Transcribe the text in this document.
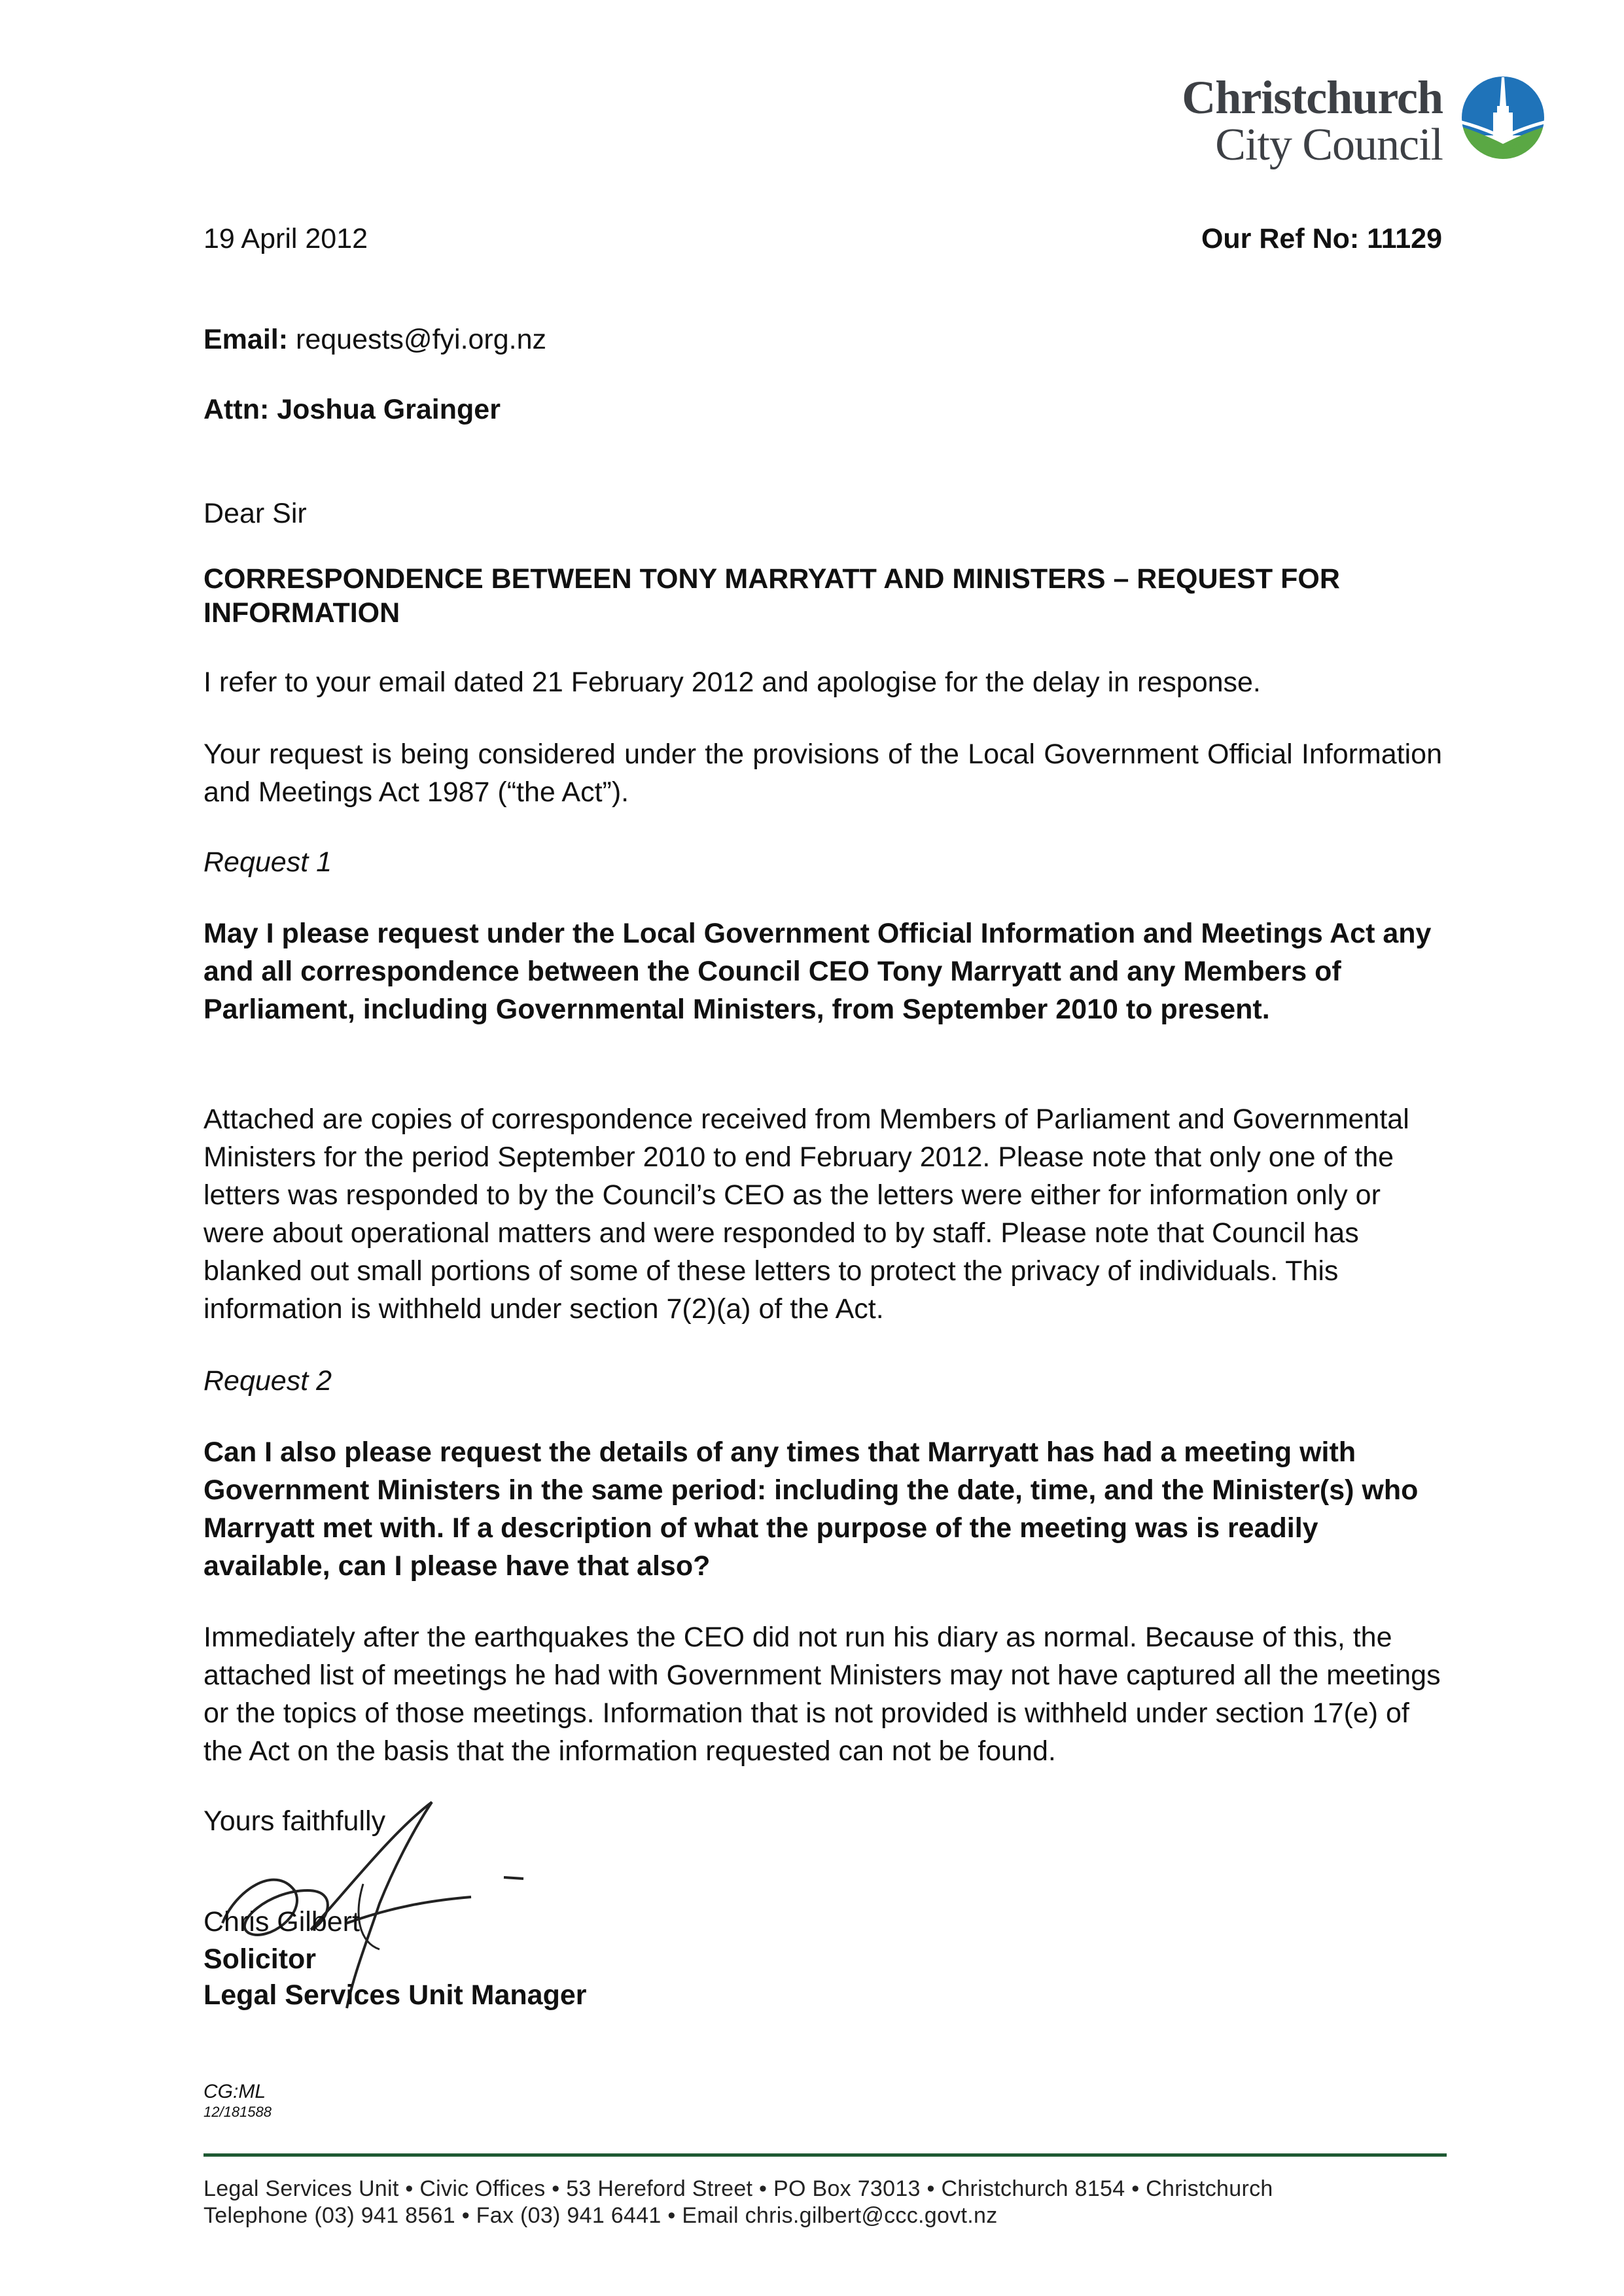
Christchurch
City Council
19 April 2012	Our Ref No: 11129
Email: requests@fyi.org.nz
Attn: Joshua Grainger
Dear Sir
CORRESPONDENCE BETWEEN TONY MARRYATT AND MINISTERS – REQUEST FOR INFORMATION
I refer to your email dated 21 February 2012 and apologise for the delay in response.
Your request is being considered under the provisions of the Local Government Official Information and Meetings Act 1987 (“the Act”).
Request 1
May I please request under the Local Government Official Information and Meetings Act any and all correspondence between the Council CEO Tony Marryatt and any Members of Parliament, including Governmental Ministers, from September 2010 to present.
Attached are copies of correspondence received from Members of Parliament and Governmental Ministers for the period September 2010 to end February 2012. Please note that only one of the letters was responded to by the Council’s CEO as the letters were either for information only or were about operational matters and were responded to by staff. Please note that Council has blanked out small portions of some of these letters to protect the privacy of individuals. This information is withheld under section 7(2)(a) of the Act.
Request 2
Can I also please request the details of any times that Marryatt has had a meeting with Government Ministers in the same period: including the date, time, and the Minister(s) who Marryatt met with. If a description of what the purpose of the meeting was is readily available, can I please have that also?
Immediately after the earthquakes the CEO did not run his diary as normal. Because of this, the attached list of meetings he had with Government Ministers may not have captured all the meetings or the topics of those meetings. Information that is not provided is withheld under section 17(e) of the Act on the basis that the information requested can not be found.
Yours faithfully
Chris Gilbert
Solicitor
Legal Services Unit Manager
CG:ML
12/181588
Legal Services Unit • Civic Offices • 53 Hereford Street • PO Box 73013 • Christchurch 8154 • Christchurch
Telephone (03) 941 8561 • Fax (03) 941 6441 • Email chris.gilbert@ccc.govt.nz
